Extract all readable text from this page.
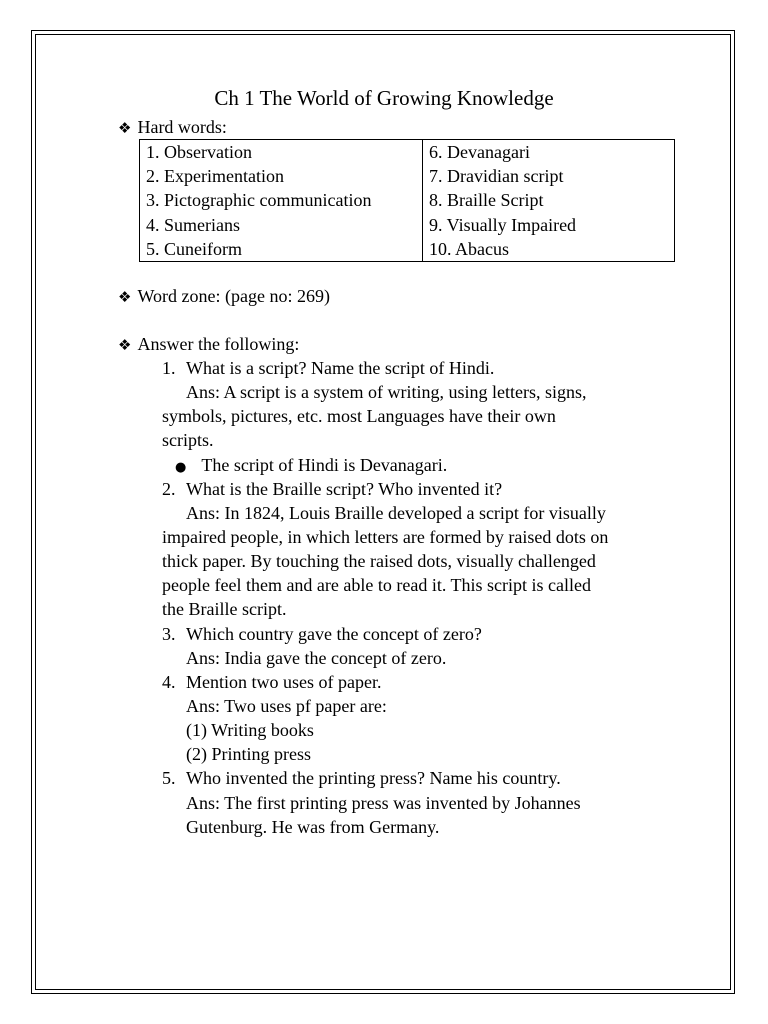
Ch 1 The World of Growing Knowledge
❖ Hard words:
1. Observation
2. Experimentation
3. Pictographic communication
4. Sumerians
5. Cuneiform

6. Devanagari
7. Dravidian script
8. Braille Script
9. Visually Impaired
10. Abacus
❖ Word zone: (page no: 269)
❖ Answer the following:
1. What is a script? Name the script of Hindi.
Ans: A script is a system of writing, using letters, signs,
symbols, pictures, etc. most Languages have their own
scripts.
● The script of Hindi is Devanagari.
2. What is the Braille script? Who invented it?
Ans: In 1824, Louis Braille developed a script for visually
impaired people, in which letters are formed by raised dots on
thick paper. By touching the raised dots, visually challenged
people feel them and are able to read it. This script is called
the Braille script.
3. Which country gave the concept of zero?
Ans: India gave the concept of zero.
4. Mention two uses of paper.
Ans: Two uses pf paper are:
(1) Writing books
(2) Printing press
5. Who invented the printing press? Name his country.
Ans: The first printing press was invented by Johannes
Gutenburg. He was from Germany.
